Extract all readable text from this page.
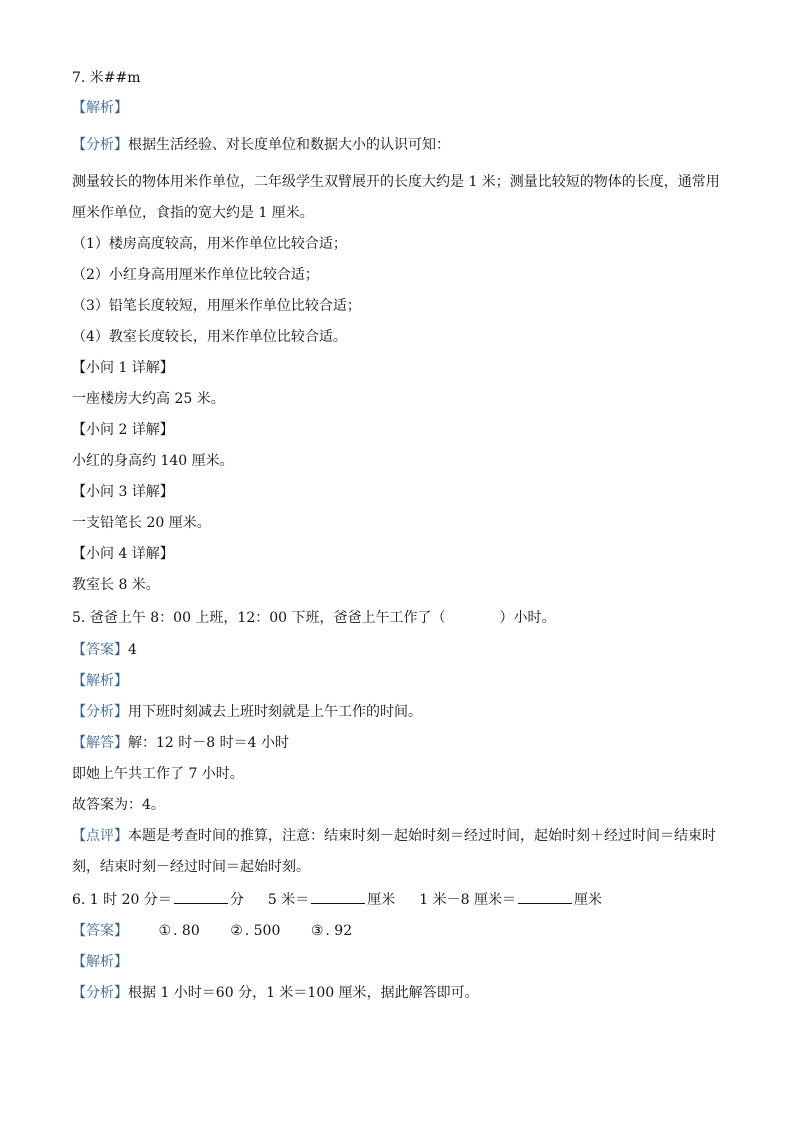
7. 米##m
【解析】
【分析】根据生活经验、对长度单位和数据大小的认识可知：
测量较长的物体用米作单位，二年级学生双臂展开的长度大约是 1 米；测量比较短的物体的长度，通常用
厘米作单位，食指的宽大约是 1 厘米。
（1）楼房高度较高，用米作单位比较合适；
（2）小红身高用厘米作单位比较合适；
（3）铅笔长度较短，用厘米作单位比较合适；
（4）教室长度较长，用米作单位比较合适。
【小问 1 详解】
一座楼房大约高 25 米。
【小问 2 详解】
小红的身高约 140 厘米。
【小问 3 详解】
一支铅笔长 20 厘米。
【小问 4 详解】
教室长 8 米。
5. 爸爸上午 8：00 上班，12：00 下班，爸爸上午工作了（	）小时。
【答案】4
【解析】
【分析】用下班时刻减去上班时刻就是上午工作的时间。
【解答】解：12 时－8 时＝4 小时
即她上午共工作了 7 小时。
故答案为：4。
【点评】本题是考查时间的推算，注意：结束时刻－起始时刻＝经过时间，起始时刻＋经过时间＝结束时
刻，结束时刻－经过时间＝起始时刻。
6. 1 时 20 分＝	分 5 米＝	厘米 1 米－8 厘米＝	厘米
【答案】 ① . 80 ② . 500 ③ . 92
【解析】
【分析】根据 1 小时＝60 分，1 米＝100 厘米，据此解答即可。
